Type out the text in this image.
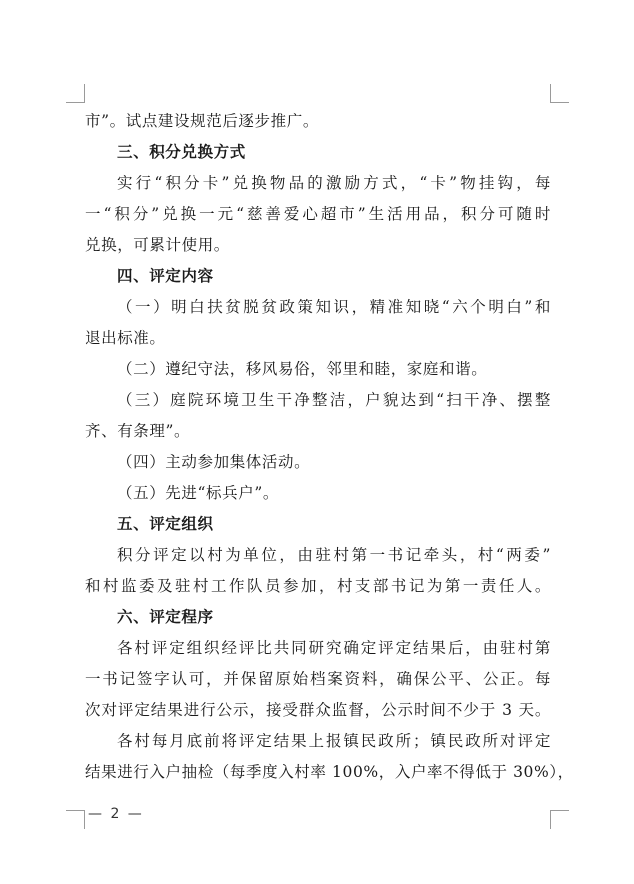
市”。试点建设规范后逐步推广。
三、积分兑换方式
实行“积分卡”兑换物品的激励方式，“卡”物挂钩，每
一“积分”兑换一元“慈善爱心超市”生活用品，积分可随时
兑换，可累计使用。
四、评定内容
（一）明白扶贫脱贫政策知识，精准知晓“六个明白”和
退出标准。
（二）遵纪守法，移风易俗，邻里和睦，家庭和谐。
（三）庭院环境卫生干净整洁，户貌达到“扫干净、摆整
齐、有条理”。
（四）主动参加集体活动。
（五）先进“标兵户”。
五、评定组织
积分评定以村为单位，由驻村第一书记牵头，村“两委”
和村监委及驻村工作队员参加，村支部书记为第一责任人。
六、评定程序
各村评定组织经评比共同研究确定评定结果后，由驻村第
一书记签字认可，并保留原始档案资料，确保公平、公正。每
次对评定结果进行公示，接受群众监督，公示时间不少于 3 天。
各村每月底前将评定结果上报镇民政所；镇民政所对评定
结果进行入户抽检（每季度入村率 100%，入户率不得低于 30%），
— 2 —
